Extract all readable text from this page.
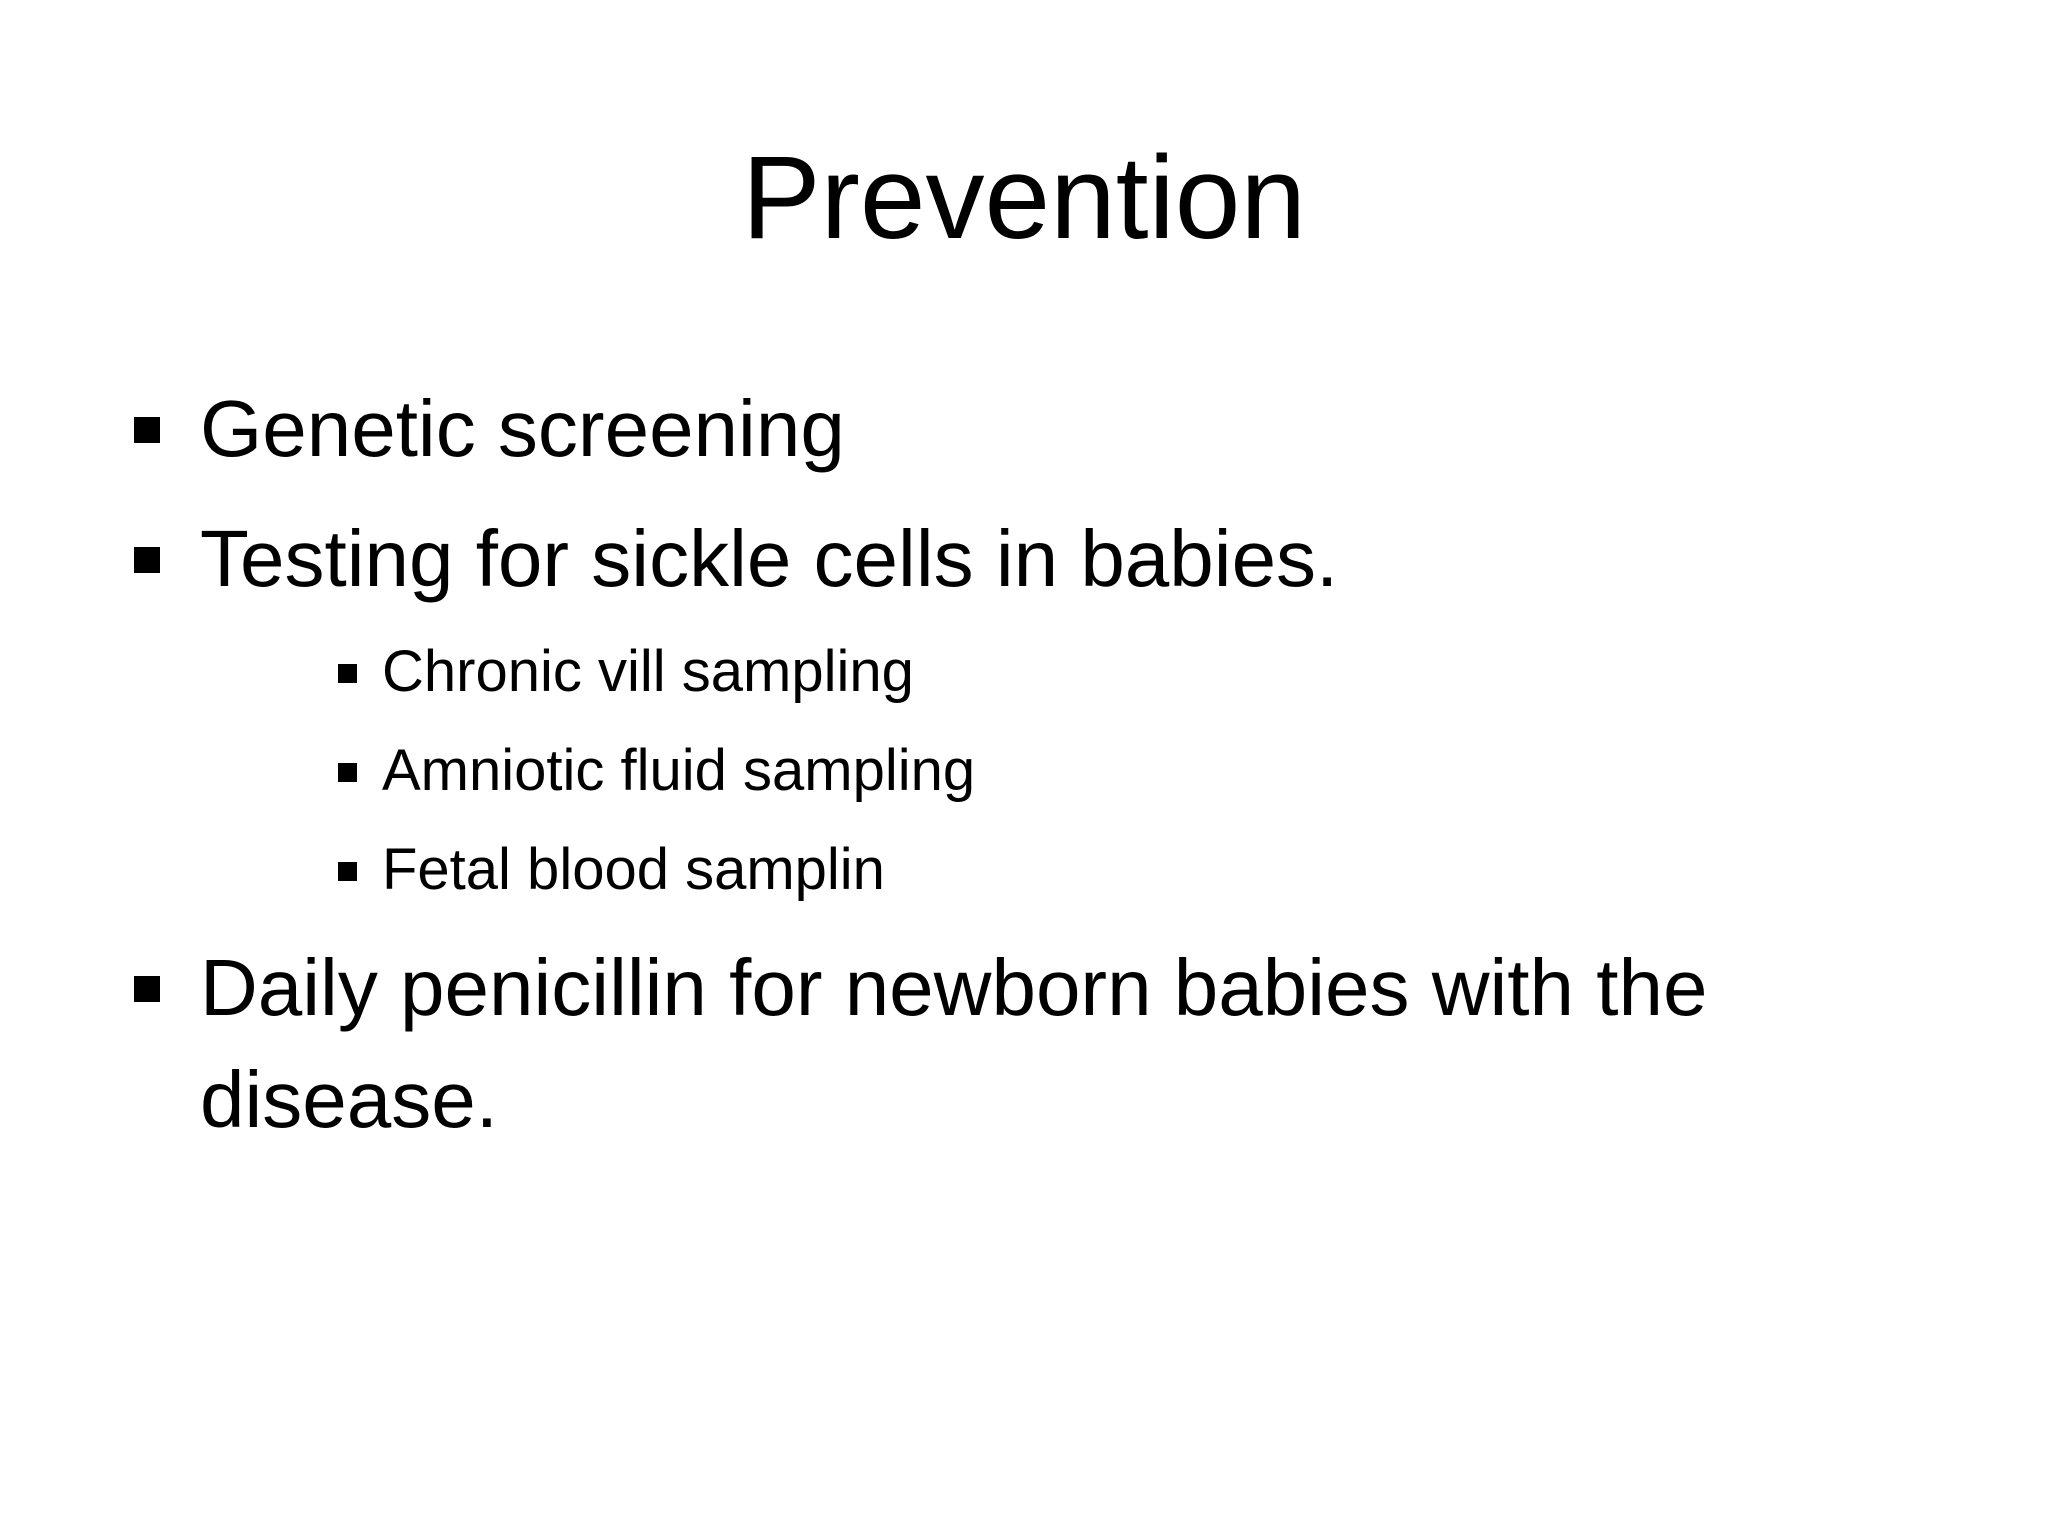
Prevention
Genetic screening
Testing for sickle cells in babies.
Chronic vill sampling
Amniotic fluid sampling
Fetal blood samplin
Daily penicillin for newborn babies with the disease.
